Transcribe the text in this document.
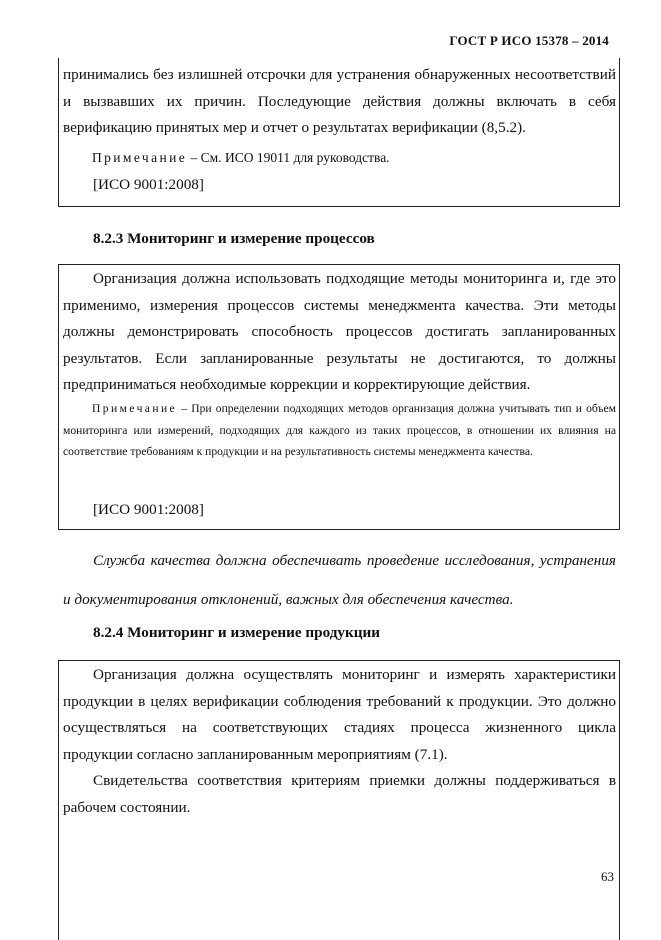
ГОСТ Р ИСО 15378 – 2014

принимались без излишней отсрочки для устранения обнаруженных несоответствий и вызвавших их причин. Последующие действия должны включать в себя верификацию принятых мер и отчет о результатах верификации (8,5.2).

Примечание – См. ИСО 19011 для руководства.

[ИСО 9001:2008]
8.2.3 Мониторинг и измерение процессов

Организация должна использовать подходящие методы мониторинга и, где это применимо, измерения процессов системы менеджмента качества. Эти методы должны демонстрировать способность процессов достигать запланированных результатов. Если запланированные результаты не достигаются, то должны предприниматься необходимые коррекции и корректирующие действия.

Примечание – При определении подходящих методов организация должна учитывать тип и объем мониторинга или измерений, подходящих для каждого из таких процессов, в отношении их влияния на соответствие требованиям к продукции и на результативность системы менеджмента качества.

[ИСО 9001:2008]

Служба качества должна обеспечивать проведение исследования, устранения и документирования отклонений, важных для обеспечения качества.

8.2.4 Мониторинг и измерение продукции

Организация должна осуществлять мониторинг и измерять характеристики продукции в целях верификации соблюдения требований к продукции. Это должно осуществляться на соответствующих стадиях процесса жизненного цикла продукции согласно запланированным мероприятиям (7.1).

Свидетельства соответствия критериям приемки должны поддерживаться в рабочем состоянии.

63
